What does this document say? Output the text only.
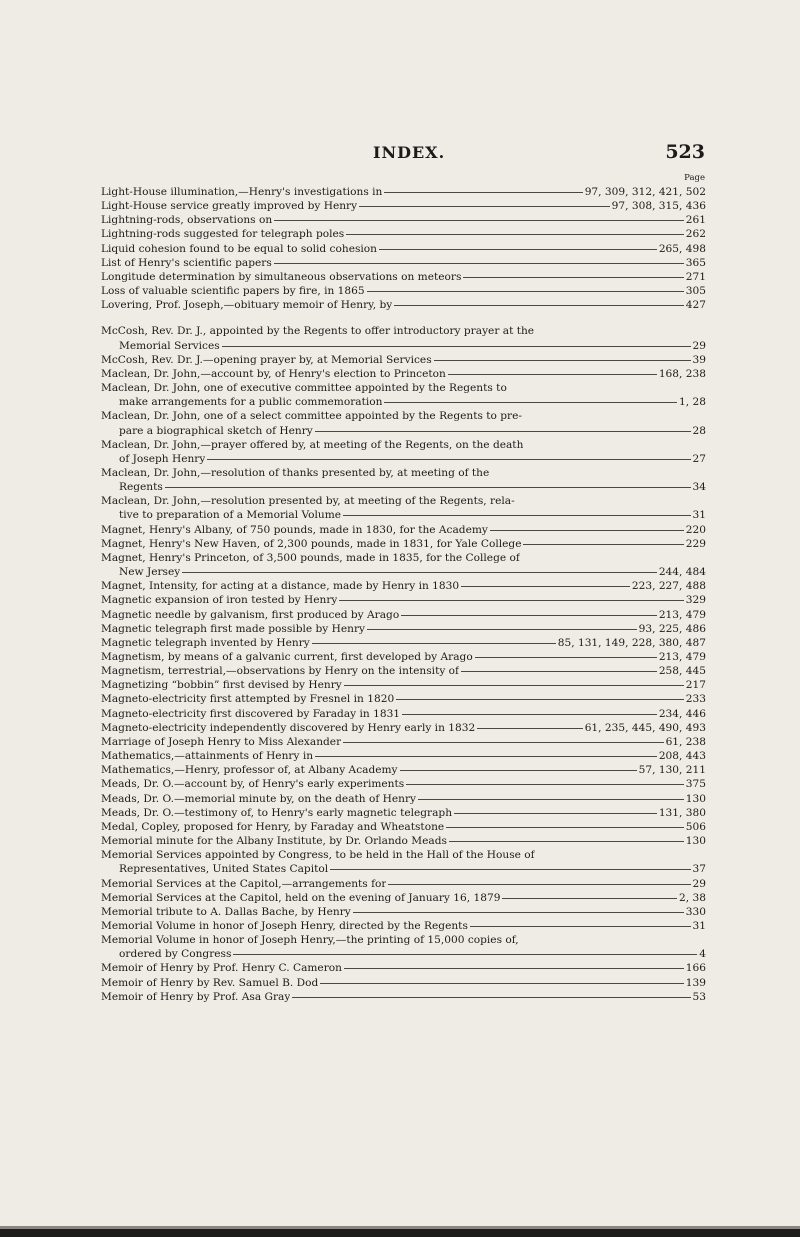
INDEX.	523
Page
Light-House illumination,—Henry's investigations in	97, 309, 312, 421, 502
Light-House service greatly improved by Henry	97, 308, 315, 436
Lightning-rods, observations on	261
Lightning-rods suggested for telegraph poles	262
Liquid cohesion found to be equal to solid cohesion	265, 498
List of Henry's scientific papers	365
Longitude determination by simultaneous observations on meteors	271
Loss of valuable scientific papers by fire, in 1865	305
Lovering, Prof. Joseph,—obituary memoir of Henry, by	427
McCosh, Rev. Dr. J., appointed by the Regents to offer introductory prayer at the
Memorial Services	29
McCosh, Rev. Dr. J.—opening prayer by, at Memorial Services	39
Maclean, Dr. John,—account by, of Henry's election to Princeton	168, 238
Maclean, Dr. John, one of executive committee appointed by the Regents to
make arrangements for a public commemoration	1, 28
Maclean, Dr. John, one of a select committee appointed by the Regents to pre-
pare a biographical sketch of Henry	28
Maclean, Dr. John,—prayer offered by, at meeting of the Regents, on the death
of Joseph Henry	27
Maclean, Dr. John,—resolution of thanks presented by, at meeting of the
Regents	34
Maclean, Dr. John,—resolution presented by, at meeting of the Regents, rela-
tive to preparation of a Memorial Volume	31
Magnet, Henry's Albany, of 750 pounds, made in 1830, for the Academy	220
Magnet, Henry's New Haven, of 2,300 pounds, made in 1831, for Yale College	229
Magnet, Henry's Princeton, of 3,500 pounds, made in 1835, for the College of
New Jersey	244, 484
Magnet, Intensity, for acting at a distance, made by Henry in 1830	223, 227, 488
Magnetic expansion of iron tested by Henry	329
Magnetic needle by galvanism, first produced by Arago	213, 479
Magnetic telegraph first made possible by Henry	93, 225, 486
Magnetic telegraph invented by Henry	85, 131, 149, 228, 380, 487
Magnetism, by means of a galvanic current, first developed by Arago	213, 479
Magnetism, terrestrial,—observations by Henry on the intensity of	258, 445
Magnetizing “bobbin” first devised by Henry	217
Magneto-electricity first attempted by Fresnel in 1820	233
Magneto-electricity first discovered by Faraday in 1831	234, 446
Magneto-electricity independently discovered by Henry early in 1832	61, 235, 445, 490, 493
Marriage of Joseph Henry to Miss Alexander	61, 238
Mathematics,—attainments of Henry in	208, 443
Mathematics,—Henry, professor of, at Albany Academy	57, 130, 211
Meads, Dr. O.—account by, of Henry's early experiments	375
Meads, Dr. O.—memorial minute by, on the death of Henry	130
Meads, Dr. O.—testimony of, to Henry's early magnetic telegraph	131, 380
Medal, Copley, proposed for Henry, by Faraday and Wheatstone	506
Memorial minute for the Albany Institute, by Dr. Orlando Meads	130
Memorial Services appointed by Congress, to be held in the Hall of the House of
Representatives, United States Capitol	37
Memorial Services at the Capitol,—arrangements for	29
Memorial Services at the Capitol, held on the evening of January 16, 1879	2, 38
Memorial tribute to A. Dallas Bache, by Henry	330
Memorial Volume in honor of Joseph Henry, directed by the Regents	31
Memorial Volume in honor of Joseph Henry,—the printing of 15,000 copies of,
ordered by Congress	4
Memoir of Henry by Prof. Henry C. Cameron	166
Memoir of Henry by Rev. Samuel B. Dod	139
Memoir of Henry by Prof. Asa Gray	53
